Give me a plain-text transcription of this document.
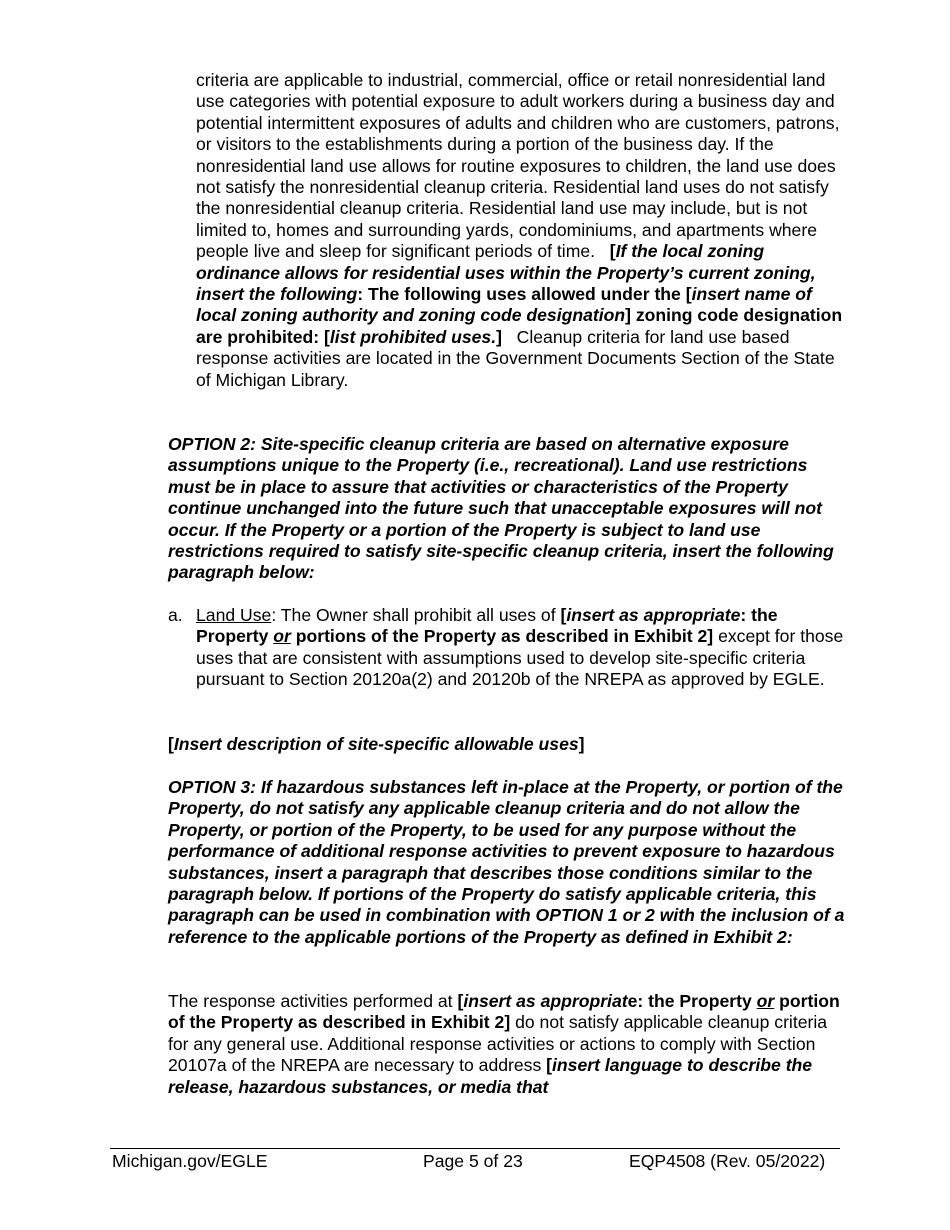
criteria are applicable to industrial, commercial, office or retail nonresidential land use categories with potential exposure to adult workers during a business day and potential intermittent exposures of adults and children who are customers, patrons, or visitors to the establishments during a portion of the business day. If the nonresidential land use allows for routine exposures to children, the land use does not satisfy the nonresidential cleanup criteria. Residential land uses do not satisfy the nonresidential cleanup criteria. Residential land use may include, but is not limited to, homes and surrounding yards, condominiums, and apartments where people live and sleep for significant periods of time. [If the local zoning ordinance allows for residential uses within the Property’s current zoning, insert the following: The following uses allowed under the [insert name of local zoning authority and zoning code designation] zoning code designation are prohibited: [list prohibited uses.] Cleanup criteria for land use based response activities are located in the Government Documents Section of the State of Michigan Library.

OPTION 2: Site-specific cleanup criteria are based on alternative exposure assumptions unique to the Property (i.e., recreational). Land use restrictions must be in place to assure that activities or characteristics of the Property continue unchanged into the future such that unacceptable exposures will not occur. If the Property or a portion of the Property is subject to land use restrictions required to satisfy site-specific cleanup criteria, insert the following paragraph below:

a. Land Use: The Owner shall prohibit all uses of [insert as appropriate: the Property or portions of the Property as described in Exhibit 2] except for those uses that are consistent with assumptions used to develop site-specific criteria pursuant to Section 20120a(2) and 20120b of the NREPA as approved by EGLE.

[Insert description of site-specific allowable uses]

OPTION 3: If hazardous substances left in-place at the Property, or portion of the Property, do not satisfy any applicable cleanup criteria and do not allow the Property, or portion of the Property, to be used for any purpose without the performance of additional response activities to prevent exposure to hazardous substances, insert a paragraph that describes those conditions similar to the paragraph below. If portions of the Property do satisfy applicable criteria, this paragraph can be used in combination with OPTION 1 or 2 with the inclusion of a reference to the applicable portions of the Property as defined in Exhibit 2:

The response activities performed at [insert as appropriate: the Property or portion of the Property as described in Exhibit 2] do not satisfy applicable cleanup criteria for any general use. Additional response activities or actions to comply with Section 20107a of the NREPA are necessary to address [insert language to describe the release, hazardous substances, or media that

Michigan.gov/EGLE	Page 5 of 23	EQP4508 (Rev. 05/2022)
